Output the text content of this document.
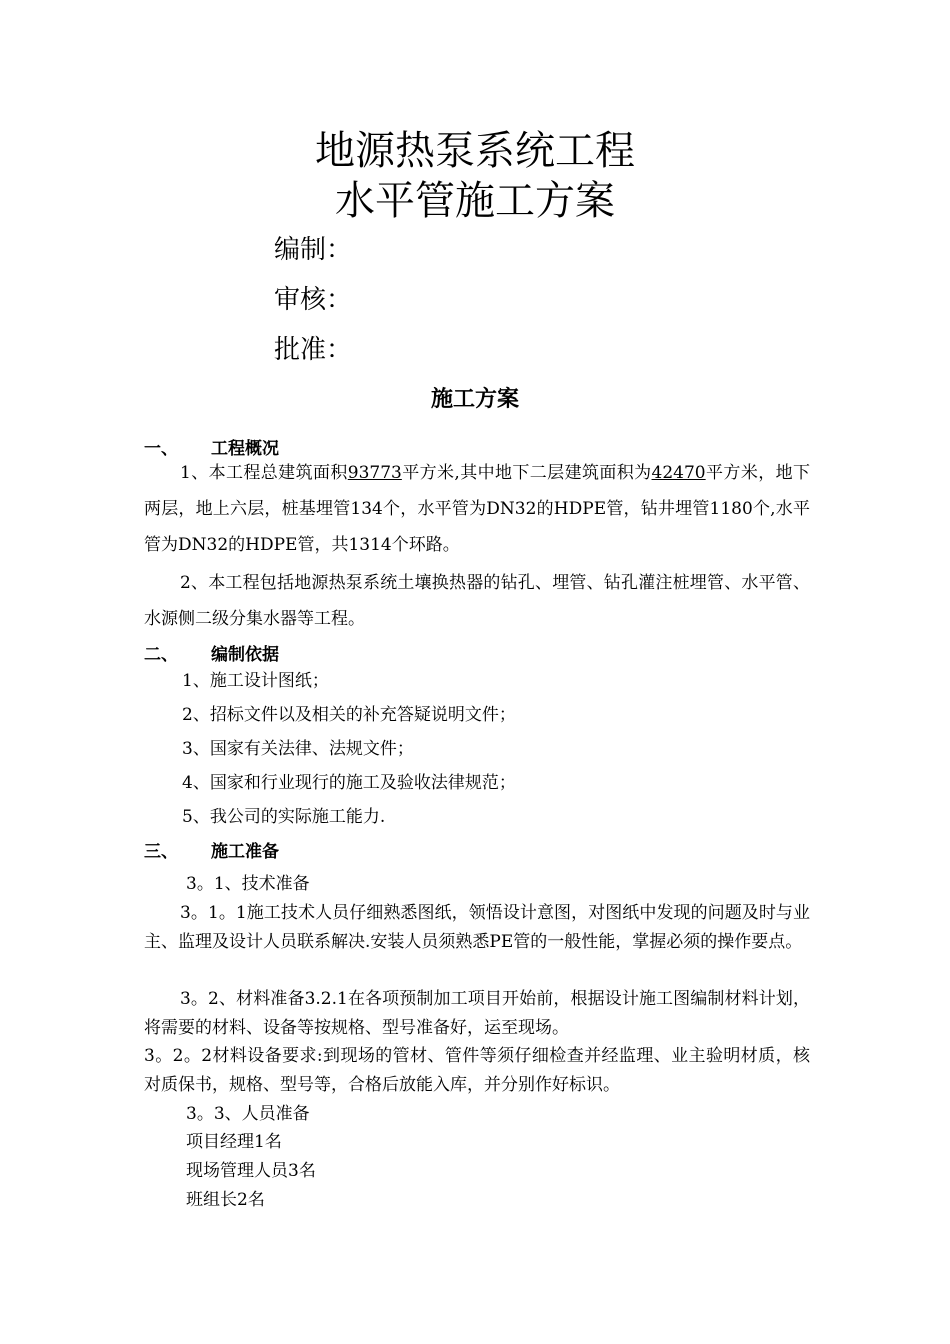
地源热泵系统工程
水平管施工方案
编制：
审核：
批准：
施工方案
一、 工程概况
1、本工程总建筑面积93773平方米,其中地下二层建筑面积为42470平方米，地下两层，地上六层，桩基埋管134个，水平管为DN32的HDPE管，钻井埋管1180个,水平管为DN32的HDPE管，共1314个环路。
2、本工程包括地源热泵系统土壤换热器的钻孔、埋管、钻孔灌注桩埋管、水平管、水源侧二级分集水器等工程。
二、 编制依据
1、施工设计图纸；
2、招标文件以及相关的补充答疑说明文件；
3、国家有关法律、法规文件；
4、国家和行业现行的施工及验收法律规范；
5、我公司的实际施工能力.
三、 施工准备
3。1、技术准备
3。1。1施工技术人员仔细熟悉图纸，领悟设计意图，对图纸中发现的问题及时与业主、监理及设计人员联系解决.安装人员须熟悉PE管的一般性能，掌握必须的操作要点。
3。2、材料准备3.2.1在各项预制加工项目开始前，根据设计施工图编制材料计划，将需要的材料、设备等按规格、型号准备好，运至现场。
3。2。2材料设备要求:到现场的管材、管件等须仔细检查并经监理、业主验明材质，核对质保书，规格、型号等，合格后放能入库，并分别作好标识。
3。3、人员准备
项目经理1名
现场管理人员3名
班组长2名
